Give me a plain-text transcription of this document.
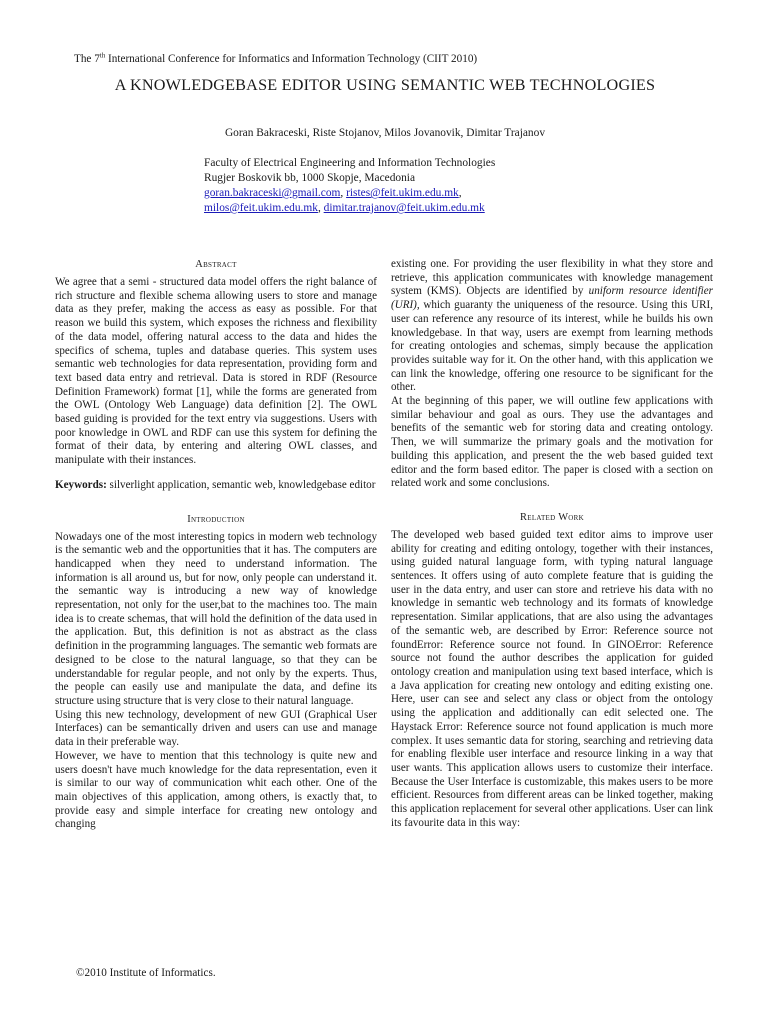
The 7th International Conference for Informatics and Information Technology (CIIT 2010)
A KNOWLEDGEBASE EDITOR USING SEMANTIC WEB TECHNOLOGIES
Goran Bakraceski, Riste Stojanov, Milos Jovanovik, Dimitar Trajanov
Faculty of Electrical Engineering and Information Technologies
Rugjer Boskovik bb, 1000 Skopje, Macedonia
goran.bakraceski@gmail.com, ristes@feit.ukim.edu.mk,
milos@feit.ukim.edu.mk, dimitar.trajanov@feit.ukim.edu.mk
Abstract

We agree that a semi - structured data model offers the right balance of rich structure and flexible schema allowing users to store and manage data as they prefer, making the access as easy as possible. For that reason we build this system, which exposes the richness and flexibility of the data model, offering natural access to the data and hides the specifics of schema, tuples and database queries. This system uses semantic web technologies for data representation, providing form and text based data entry and retrieval. Data is stored in RDF (Resource Definition Framework) format [1], while the forms are generated from the OWL (Ontology Web Language) data definition [2]. The OWL based guiding is provided for the text entry via suggestions. Users with poor knowledge in OWL and RDF can use this system for defining the format of their data, by entering and altering OWL classes, and manipulate with their instances.

Keywords: silverlight application, semantic web, knowledgebase editor

Introduction

Nowadays one of the most interesting topics in modern web technology is the semantic web and the opportunities that it has. The computers are handicapped when they need to understand information. The information is all around us, but for now, only people can understand it. the semantic way is introducing a new way of knowledge representation, not only for the user,bat to the machines too. The main idea is to create schemas, that will hold the definition of the data used in the application. But, this definition is not as abstract as the class definition in the programming languages. The semantic web formats are designed to be close to the natural language, so that they can be understandable for regular people, and not only by the experts. Thus, the people can easily use and manipulate the data, and define its structure using structure that is very close to their natural language.

Using this new technology, development of new GUI (Graphical User Interfaces) can be semantically driven and users can use and manage data in their preferable way.

However, we have to mention that this technology is quite new and users doesn't have much knowledge for the data representation, even it is similar to our way of communication whit each other. One of the main objectives of this application, among others, is exactly that, to provide easy and simple interface for creating new ontology and changing

existing one. For providing the user flexibility in what they store and retrieve, this application communicates with knowledge management system (KMS). Objects are identified by uniform resource identifier (URI), which guaranty the uniqueness of the resource. Using this URI, user can reference any resource of its interest, while he builds his own knowledgebase. In that way, users are exempt from learning methods for creating ontologies and schemas, simply because the application provides suitable way for it. On the other hand, with this application we can link the knowledge, offering one resource to be significant for the other.

At the beginning of this paper, we will outline few applications with similar behaviour and goal as ours. They use the advantages and benefits of the semantic web for storing data and creating ontology. Then, we will summarize the primary goals and the motivation for building this application, and present the the web based guided text editor and the form based editor. The paper is closed with a section on related work and some conclusions.

Related Work

The developed web based guided text editor aims to improve user ability for creating and editing ontology, together with their instances, using guided natural language form, with typing natural language sentences. It offers using of auto complete feature that is guiding the user in the data entry, and user can store and retrieve his data with no knowledge in semantic web technology and its formats of knowledge representation. Similar applications, that are also using the advantages of the semantic web, are described by Error: Reference source not foundError: Reference source not found. In GINOError: Reference source not found the author describes the application for guided ontology creation and manipulation using text based interface, which is a Java application for creating new ontology and editing existing one. Here, user can see and select any class or object from the ontology using the application and additionally can edit selected one. The Haystack Error: Reference source not found application is much more complex. It uses semantic data for storing, searching and retrieving data for enabling flexible user interface and resource linking in a way that user wants. This application allows users to customize their interface. Because the User Interface is customizable, this makes users to be more efficient. Resources from different areas can be linked together, making this application replacement for several other applications. User can link its favourite data in this way:

©2010 Institute of Informatics.
